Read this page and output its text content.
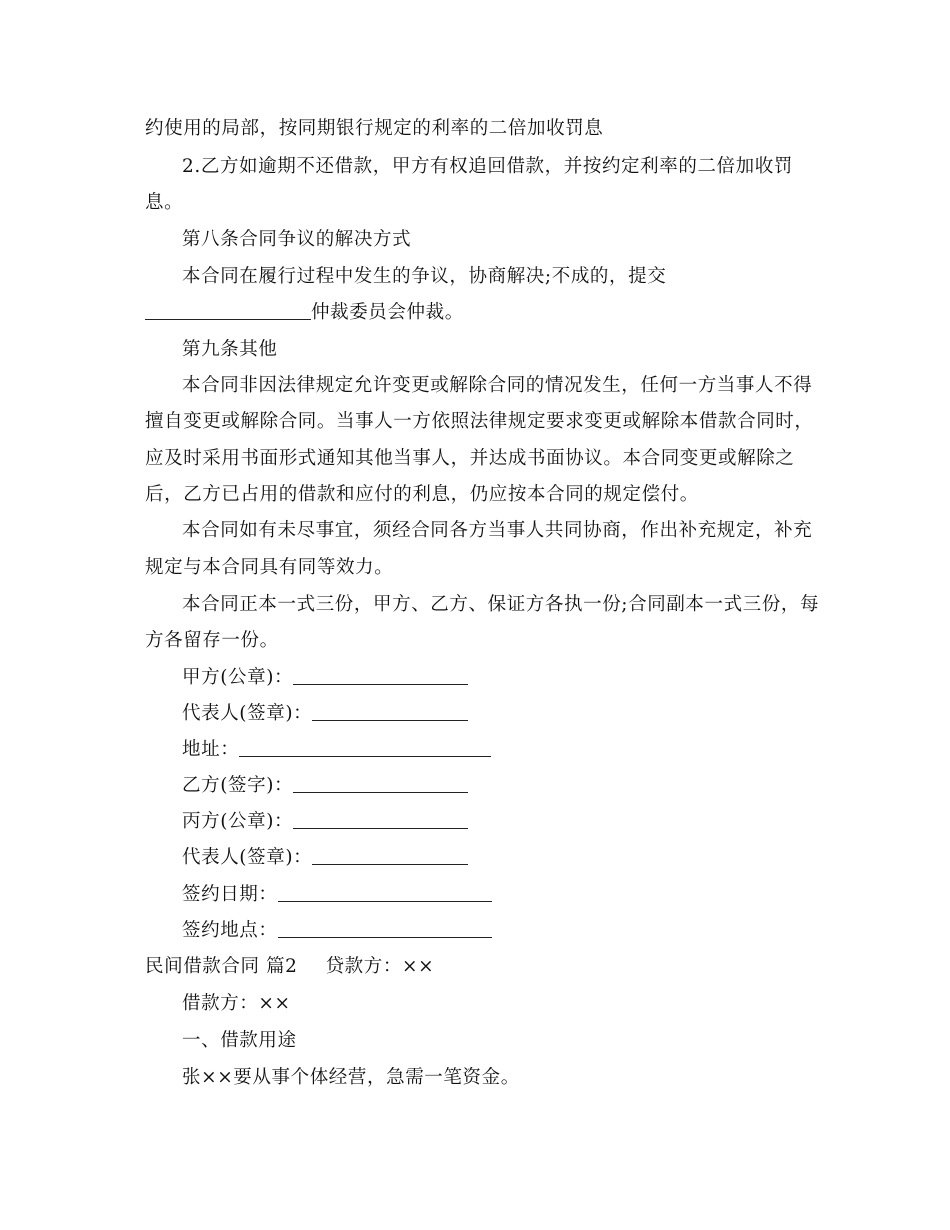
约使用的局部，按同期银行规定的利率的二倍加收罚息
2.乙方如逾期不还借款，甲方有权追回借款，并按约定利率的二倍加收罚
息。
第八条合同争议的解决方式
本合同在履行过程中发生的争议，协商解决;不成的，提交
仲裁委员会仲裁。
第九条其他
本合同非因法律规定允许变更或解除合同的情况发生，任何一方当事人不得
擅自变更或解除合同。当事人一方依照法律规定要求变更或解除本借款合同时，
应及时采用书面形式通知其他当事人，并达成书面协议。本合同变更或解除之
后，乙方已占用的借款和应付的利息，仍应按本合同的规定偿付。
本合同如有未尽事宜，须经合同各方当事人共同协商，作出补充规定，补充
规定与本合同具有同等效力。
本合同正本一式三份，甲方、乙方、保证方各执一份;合同副本一式三份，每
方各留存一份。
甲方(公章)：
代表人(签章)：
地址：
乙方(签字)：
丙方(公章)：
代表人(签章)：
签约日期：
签约地点：
民间借款合同 篇2 贷款方：××
借款方：××
一、借款用途
张××要从事个体经营，急需一笔资金。
